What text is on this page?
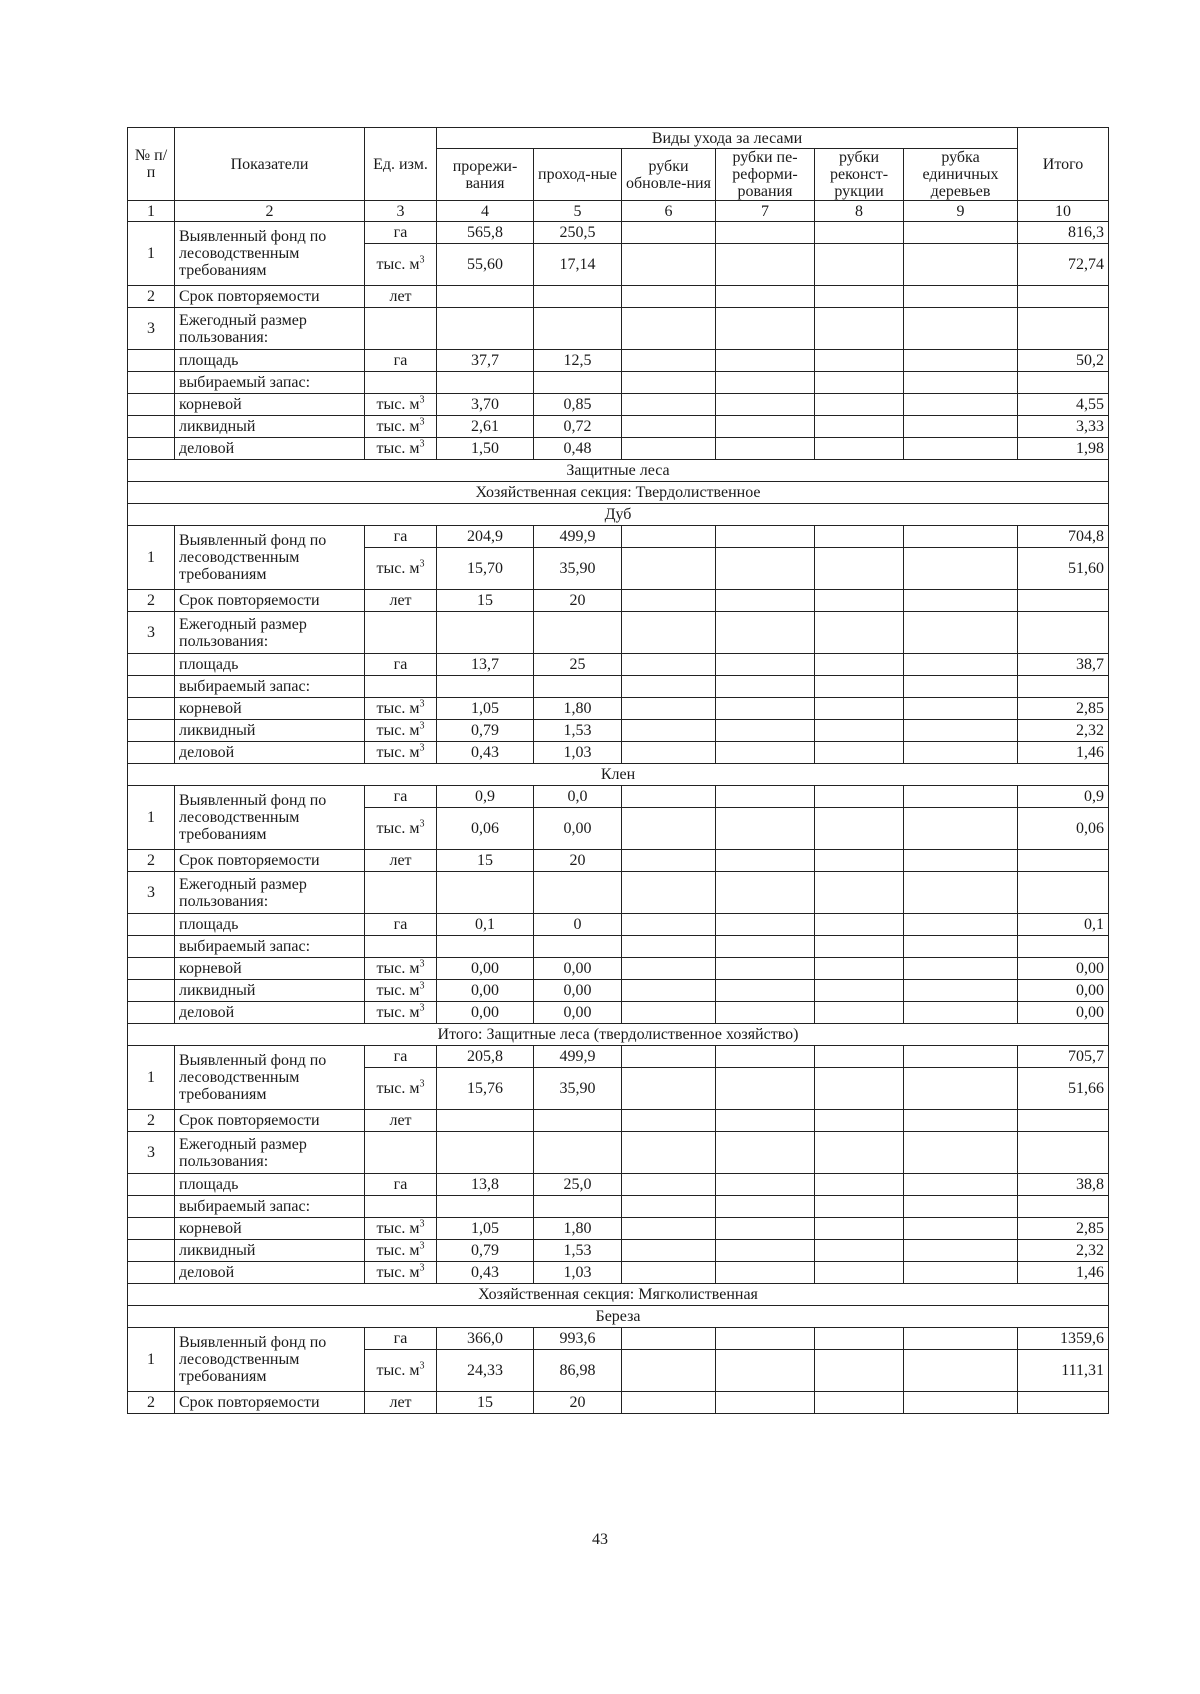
№ п/п	Показатели	Ед. изм.	Виды ухода за лесами						Итого
			прорежи-вания	проход-ные	рубки обновле-ния	рубки пе-реформи-рования	рубки реконст-рукции	рубка единичных деревьев	
1	2	3	4	5	6	7	8	9	10
1	Выявленный фонд по лесоводственным требованиям	га	565,8	250,5					816,3
		тыс. $м^3$	55,60	17,14					72,74
2	Срок повторяемости	лет							
3	Ежегодный размер пользования:								
	площадь	га	37,7	12,5					50,2
	выбираемый запас:								
	корневой	тыс. $м^3$	3,70	0,85					4,55
	ликвидный	тыс. $м^3$	2,61	0,72					3,33
	деловой	тыс. $м^3$	1,50	0,48					1,98
Защитные леса									
Хозяйственная секция: Твердолиственное									
Дуб									
1	Выявленный фонд по лесоводственным требованиям	га	204,9	499,9					704,8
		тыс. $м^3$	15,70	35,90					51,60
2	Срок повторяемости	лет	15	20					
3	Ежегодный размер пользования:								
	площадь	га	13,7	25					38,7
	выбираемый запас:								
	корневой	тыс. $м^3$	1,05	1,80					2,85
	ликвидный	тыс. $м^3$	0,79	1,53					2,32
	деловой	тыс. $м^3$	0,43	1,03					1,46
Клен									
1	Выявленный фонд по лесоводственным требованиям	га	0,9	0,0					0,9
		тыс. $м^3$	0,06	0,00					0,06
2	Срок повторяемости	лет	15	20					
3	Ежегодный размер пользования:								
	площадь	га	0,1	0					0,1
	выбираемый запас:								
	корневой	тыс. $м^3$	0,00	0,00					0,00
	ликвидный	тыс. $м^3$	0,00	0,00					0,00
	деловой	тыс. $м^3$	0,00	0,00					0,00
Итого: Защитные леса (твердолиственное хозяйство)									
1	Выявленный фонд по лесоводственным требованиям	га	205,8	499,9					705,7
		тыс. $м^3$	15,76	35,90					51,66
2	Срок повторяемости	лет							
3	Ежегодный размер пользования:								
	площадь	га	13,8	25,0					38,8
	выбираемый запас:								
	корневой	тыс. $м^3$	1,05	1,80					2,85
	ликвидный	тыс. $м^3$	0,79	1,53					2,32
	деловой	тыс. $м^3$	0,43	1,03					1,46
Хозяйственная секция: Мягколиственная									
Береза									
1	Выявленный фонд по лесоводственным требованиям	га	366,0	993,6					1359,6
		тыс. $м^3$	24,33	86,98					111,31
2	Срок повторяемости	лет	15	20					
43
